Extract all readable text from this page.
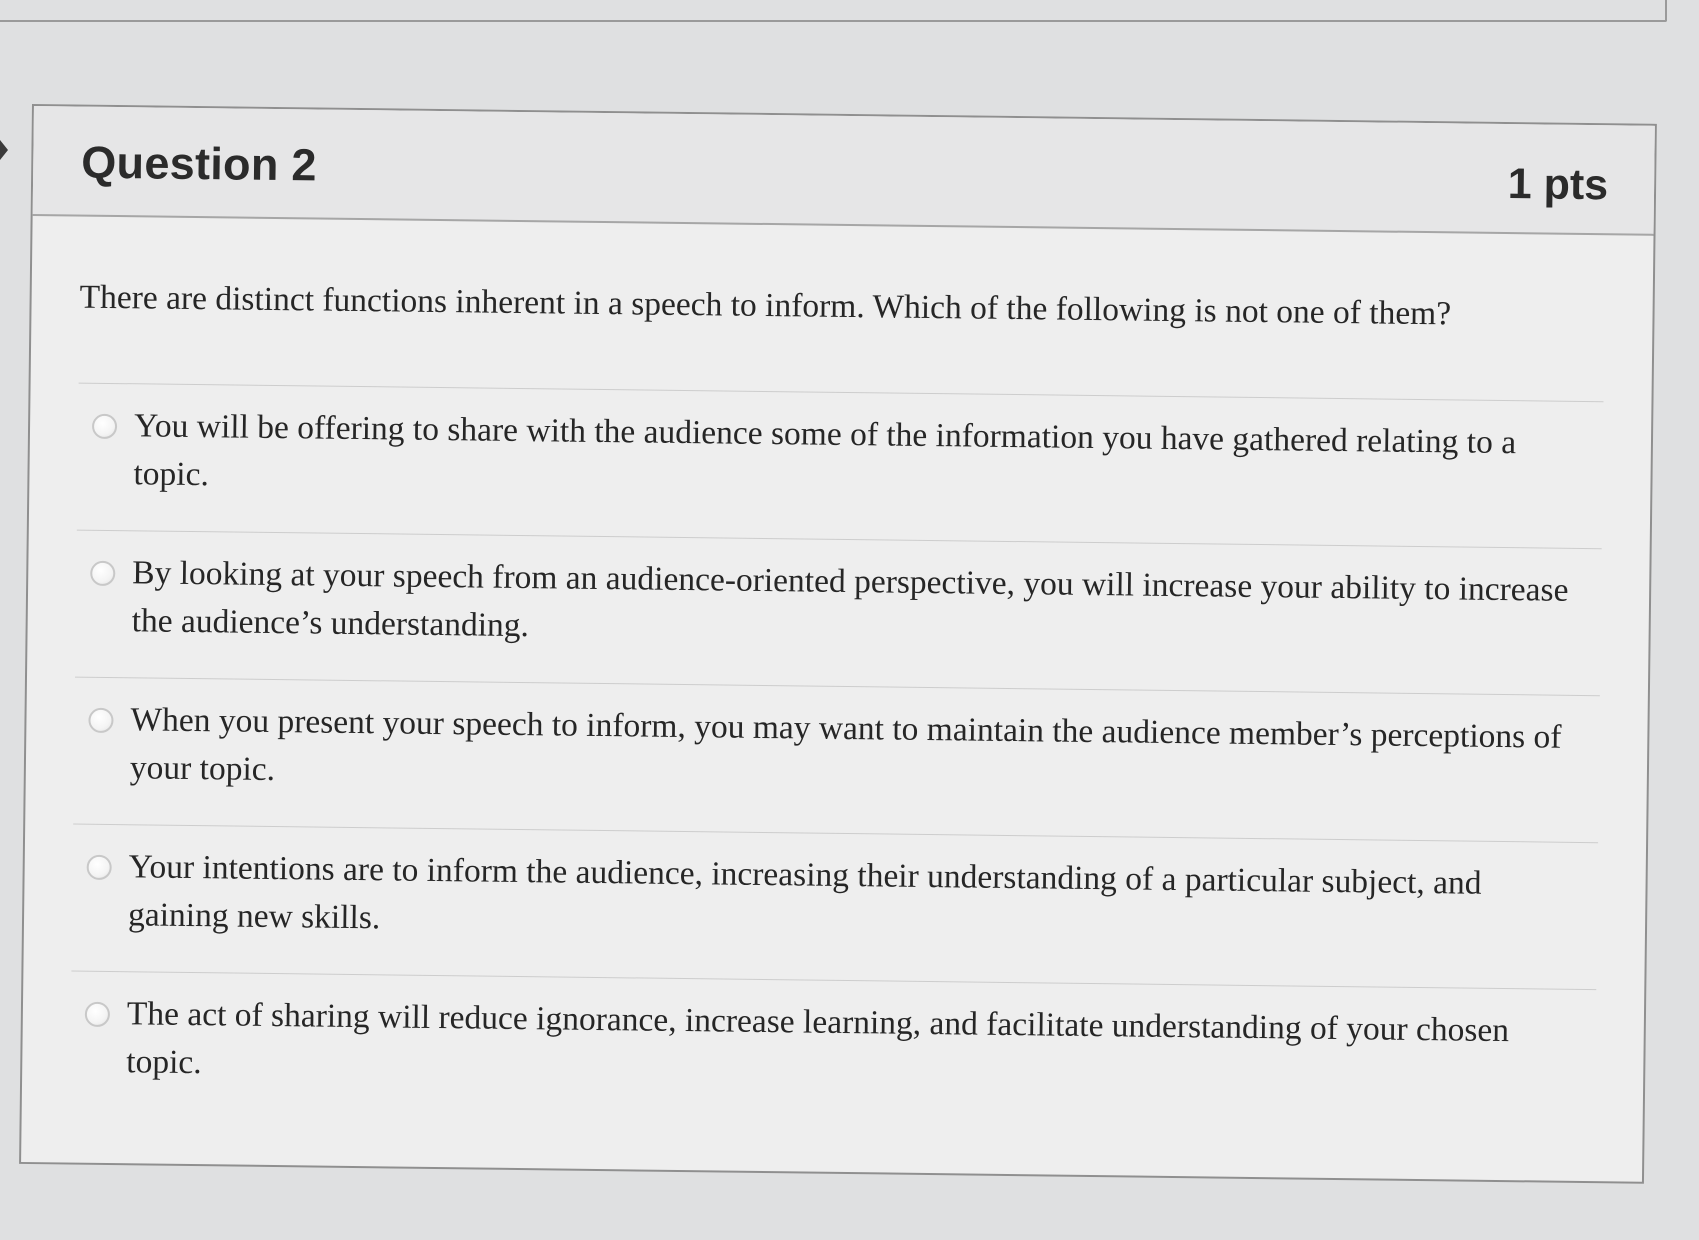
Question 2	1 pts
There are distinct functions inherent in a speech to inform. Which of the following is not one of them?
You will be offering to share with the audience some of the information you have gathered relating to a topic.
By looking at your speech from an audience-oriented perspective, you will increase your ability to increase the audience’s understanding.
When you present your speech to inform, you may want to maintain the audience member’s perceptions of your topic.
Your intentions are to inform the audience, increasing their understanding of a particular subject, and gaining new skills.
The act of sharing will reduce ignorance, increase learning, and facilitate understanding of your chosen topic.
